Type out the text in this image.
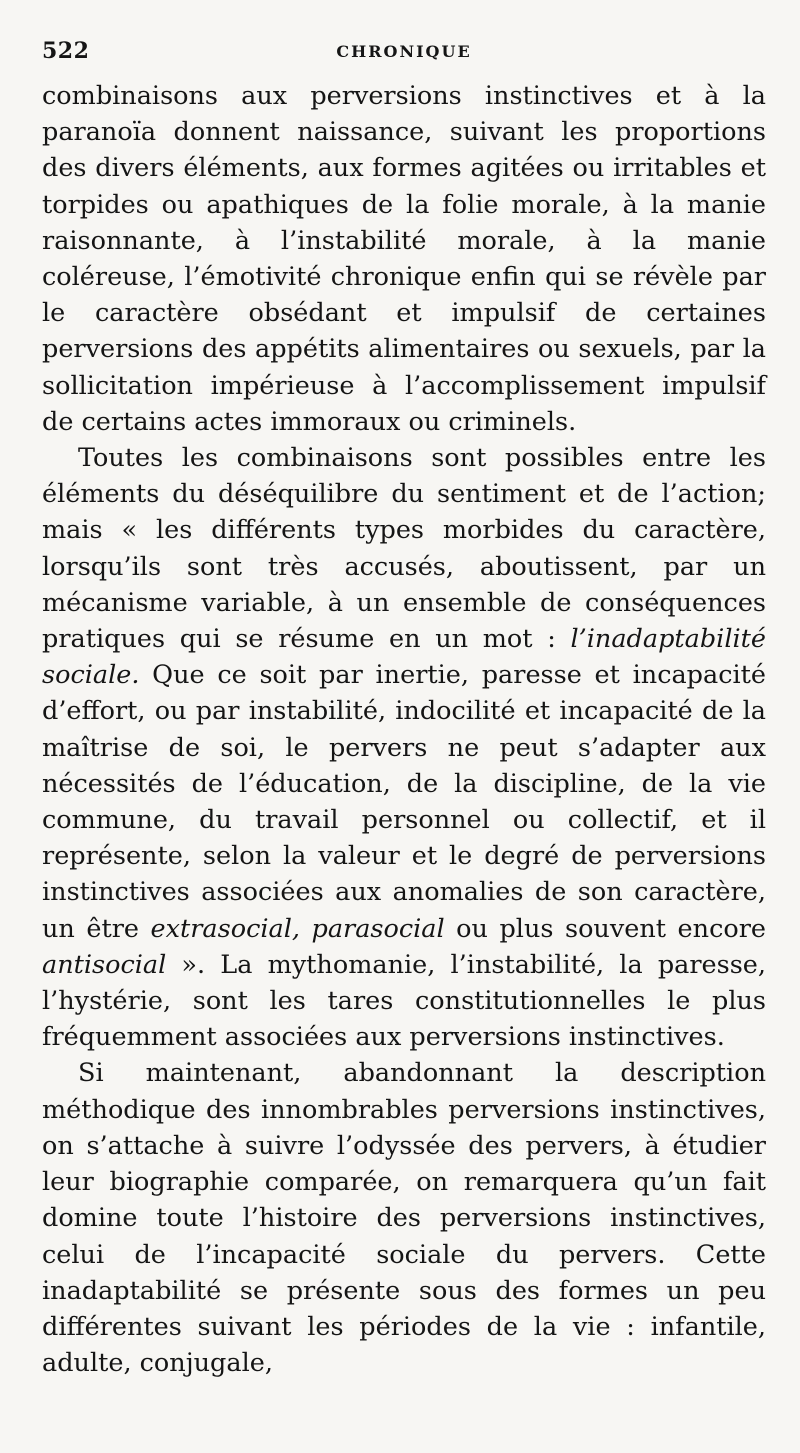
522	CHRONIQUE

combinaisons aux perversions instinctives et à la paranoïa donnent naissance, suivant les proportions des divers éléments, aux formes agitées ou irritables et torpides ou apathiques de la folie morale, à la manie raisonnante, à l’instabilité morale, à la manie coléreuse, l’émotivité chronique enfin qui se révèle par le caractère obsédant et impulsif de certaines perversions des appétits alimentaires ou sexuels, par la sollicitation impérieuse à l’accomplissement impulsif de certains actes immoraux ou criminels.

Toutes les combinaisons sont possibles entre les éléments du déséquilibre du sentiment et de l’action; mais « les différents types morbides du caractère, lorsqu’ils sont très accusés, aboutissent, par un mécanisme variable, à un ensemble de conséquences pratiques qui se résume en un mot : l’inadaptabilité sociale. Que ce soit par inertie, paresse et incapacité d’effort, ou par instabilité, indocilité et incapacité de la maîtrise de soi, le pervers ne peut s’adapter aux nécessités de l’éducation, de la discipline, de la vie commune, du travail personnel ou collectif, et il représente, selon la valeur et le degré de perversions instinctives associées aux anomalies de son caractère, un être extrasocial, parasocial ou plus souvent encore antisocial ». La mythomanie, l’instabilité, la paresse, l’hystérie, sont les tares constitutionnelles le plus fréquemment associées aux perversions instinctives.

Si maintenant, abandonnant la description méthodique des innombrables perversions instinctives, on s’attache à suivre l’odyssée des pervers, à étudier leur biographie comparée, on remarquera qu’un fait domine toute l’histoire des perversions instinctives, celui de l’incapacité sociale du pervers. Cette inadaptabilité se présente sous des formes un peu différentes suivant les périodes de la vie : infantile, adulte, conjugale,
